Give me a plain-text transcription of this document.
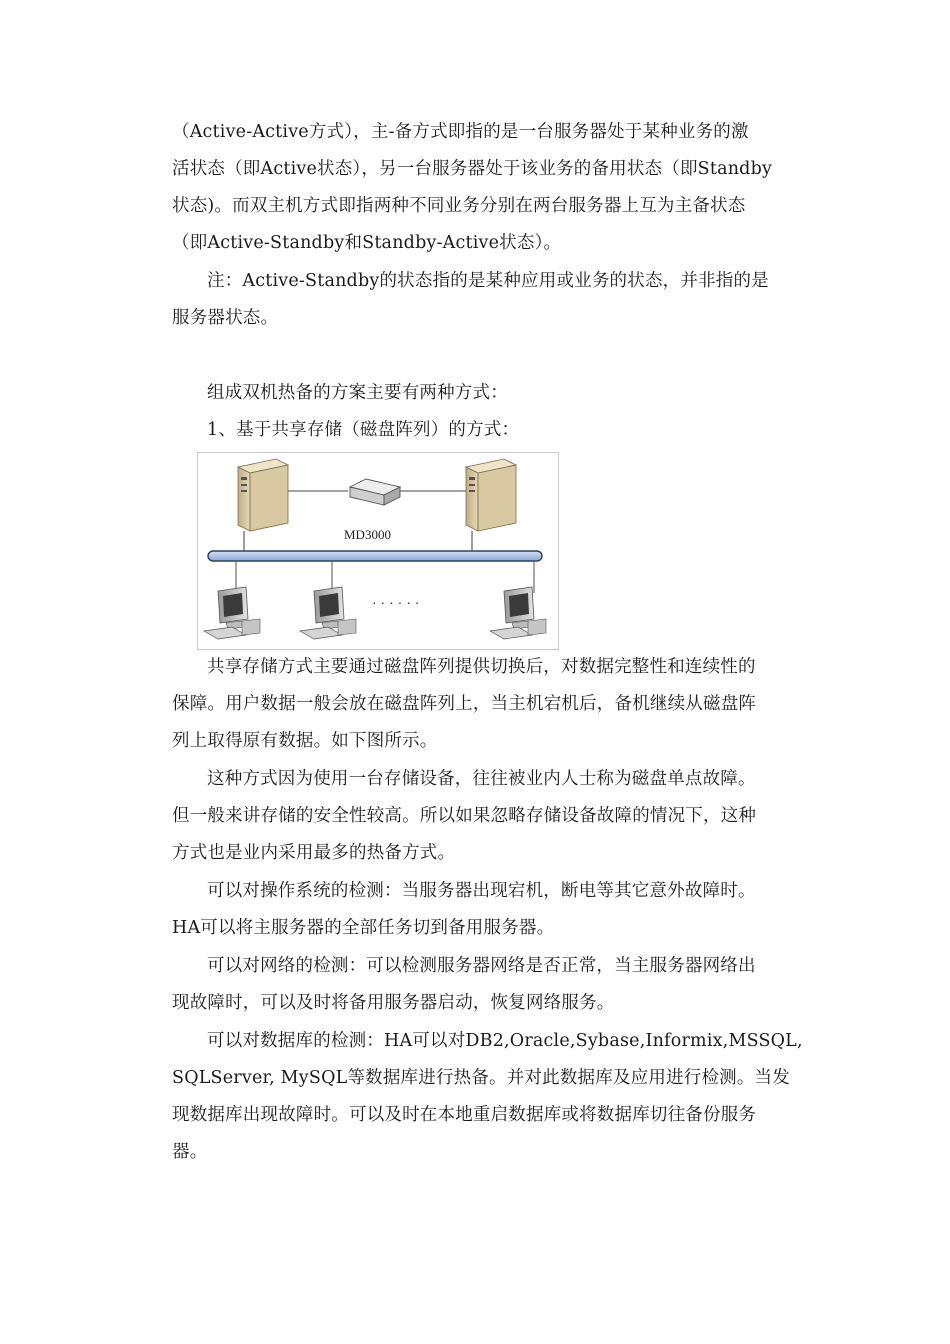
（Active-Active方式），主-备方式即指的是一台服务器处于某种业务的激
活状态（即Active状态），另一台服务器处于该业务的备用状态（即Standby
状态)。而双主机方式即指两种不同业务分别在两台服务器上互为主备状态
（即Active-Standby和Standby-Active状态）。
注：Active-Standby的状态指的是某种应用或业务的状态，并非指的是
服务器状态。
组成双机热备的方案主要有两种方式：
1、基于共享存储（磁盘阵列）的方式：
MD3000
· · · · · ·
共享存储方式主要通过磁盘阵列提供切换后，对数据完整性和连续性的
保障。用户数据一般会放在磁盘阵列上，当主机宕机后，备机继续从磁盘阵
列上取得原有数据。如下图所示。
这种方式因为使用一台存储设备，往往被业内人士称为磁盘单点故障。
但一般来讲存储的安全性较高。所以如果忽略存储设备故障的情况下，这种
方式也是业内采用最多的热备方式。
可以对操作系统的检测：当服务器出现宕机，断电等其它意外故障时。
HA可以将主服务器的全部任务切到备用服务器。
可以对网络的检测：可以检测服务器网络是否正常，当主服务器网络出
现故障时，可以及时将备用服务器启动，恢复网络服务。
可以对数据库的检测：HA可以对DB2,Oracle,Sybase,Informix,MSSQL,
SQLServer, MySQL等数据库进行热备。并对此数据库及应用进行检测。当发
现数据库出现故障时。可以及时在本地重启数据库或将数据库切往备份服务
器。
